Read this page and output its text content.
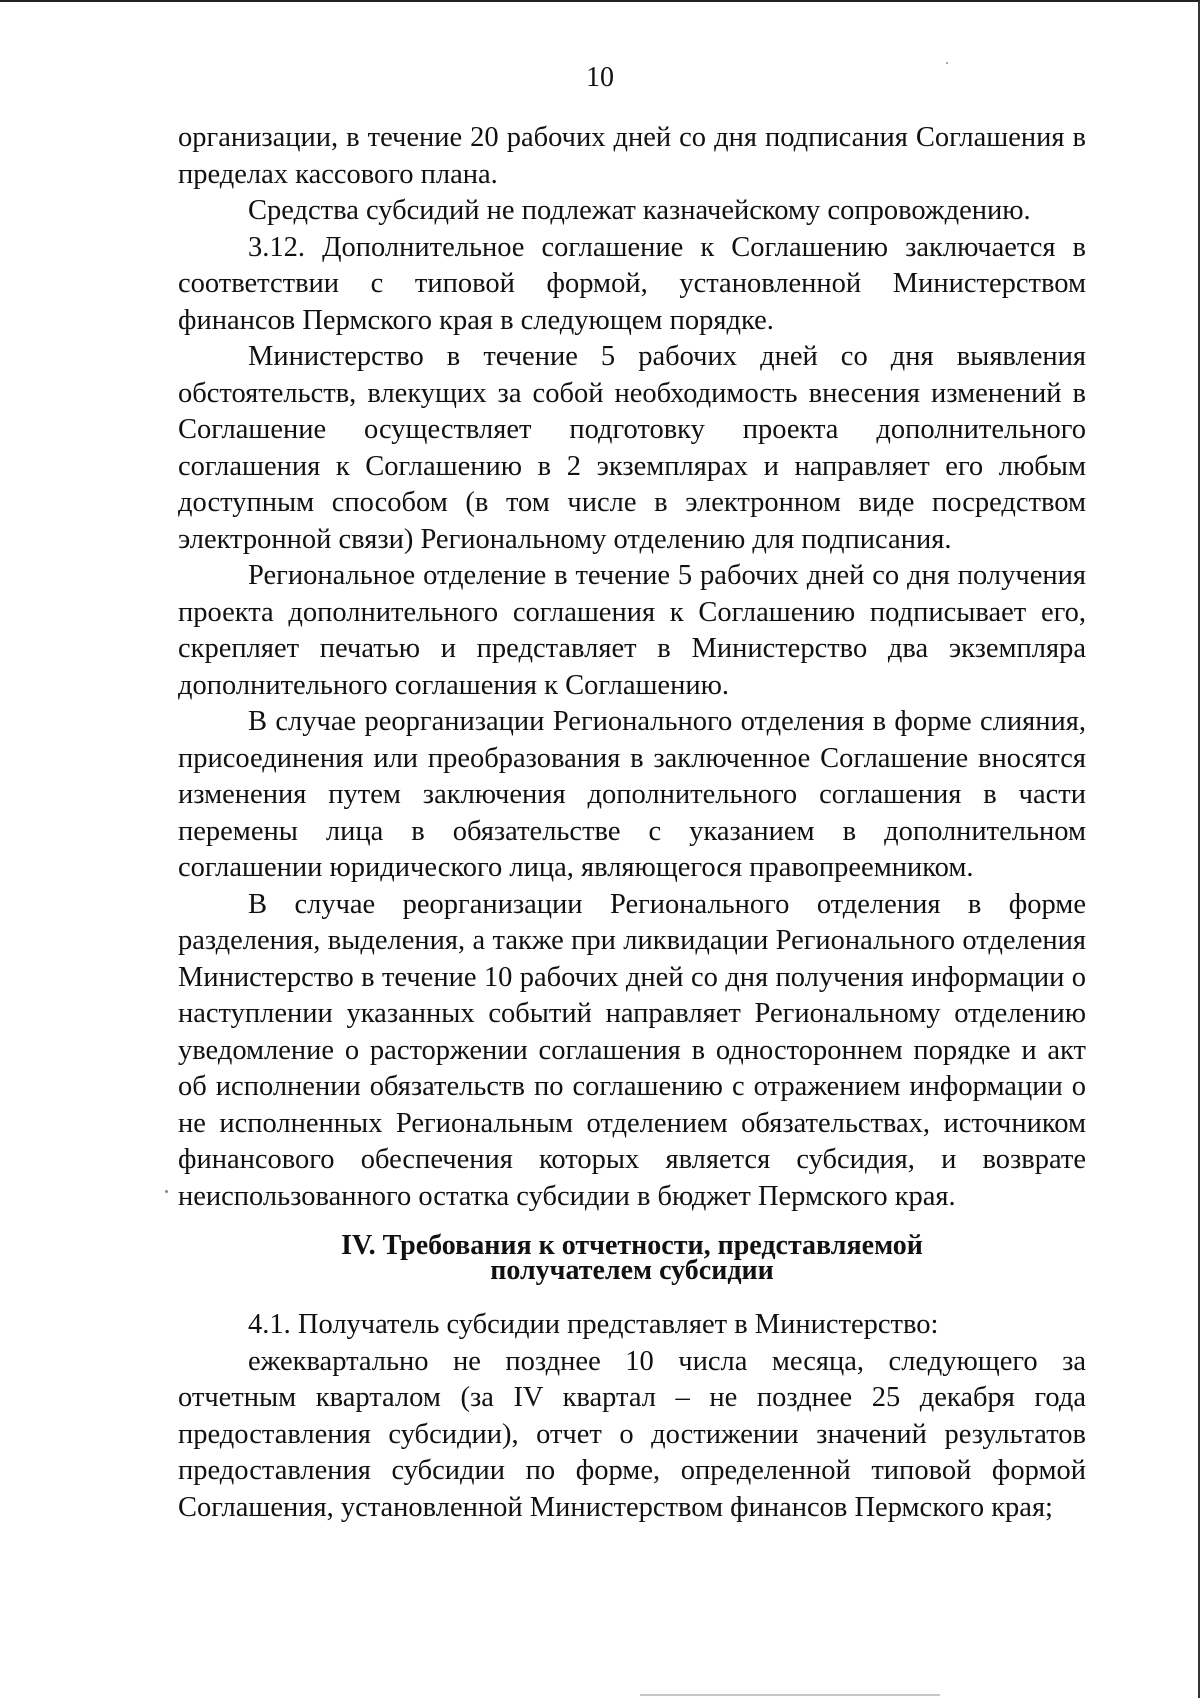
10

организации, в течение 20 рабочих дней со дня подписания Соглашения в пределах кассового плана.

Средства субсидий не подлежат казначейскому сопровождению.

3.12. Дополнительное соглашение к Соглашению заключается в соответствии с типовой формой, установленной Министерством финансов Пермского края в следующем порядке.

Министерство в течение 5 рабочих дней со дня выявления обстоятельств, влекущих за собой необходимость внесения изменений в Соглашение осуществляет подготовку проекта дополнительного соглашения к Соглашению в 2 экземплярах и направляет его любым доступным способом (в том числе в электронном виде посредством электронной связи) Региональному отделению для подписания.

Региональное отделение в течение 5 рабочих дней со дня получения проекта дополнительного соглашения к Соглашению подписывает его, скрепляет печатью и представляет в Министерство два экземпляра дополнительного соглашения к Соглашению.

В случае реорганизации Регионального отделения в форме слияния, присоединения или преобразования в заключенное Соглашение вносятся изменения путем заключения дополнительного соглашения в части перемены лица в обязательстве с указанием в дополнительном соглашении юридического лица, являющегося правопреемником.

В случае реорганизации Регионального отделения в форме разделения, выделения, а также при ликвидации Регионального отделения Министерство в течение 10 рабочих дней со дня получения информации о наступлении указанных событий направляет Региональному отделению уведомление о расторжении соглашения в одностороннем порядке и акт об исполнении обязательств по соглашению с отражением информации о не исполненных Региональным отделением обязательствах, источником финансового обеспечения которых является субсидия, и возврате неиспользованного остатка субсидии в бюджет Пермского края.

IV. Требования к отчетности, представляемой
получателем субсидии

4.1. Получатель субсидии представляет в Министерство:

ежеквартально не позднее 10 числа месяца, следующего за отчетным кварталом (за IV квартал – не позднее 25 декабря года предоставления субсидии), отчет о достижении значений результатов предоставления субсидии по форме, определенной типовой формой Соглашения, установленной Министерством финансов Пермского края;
